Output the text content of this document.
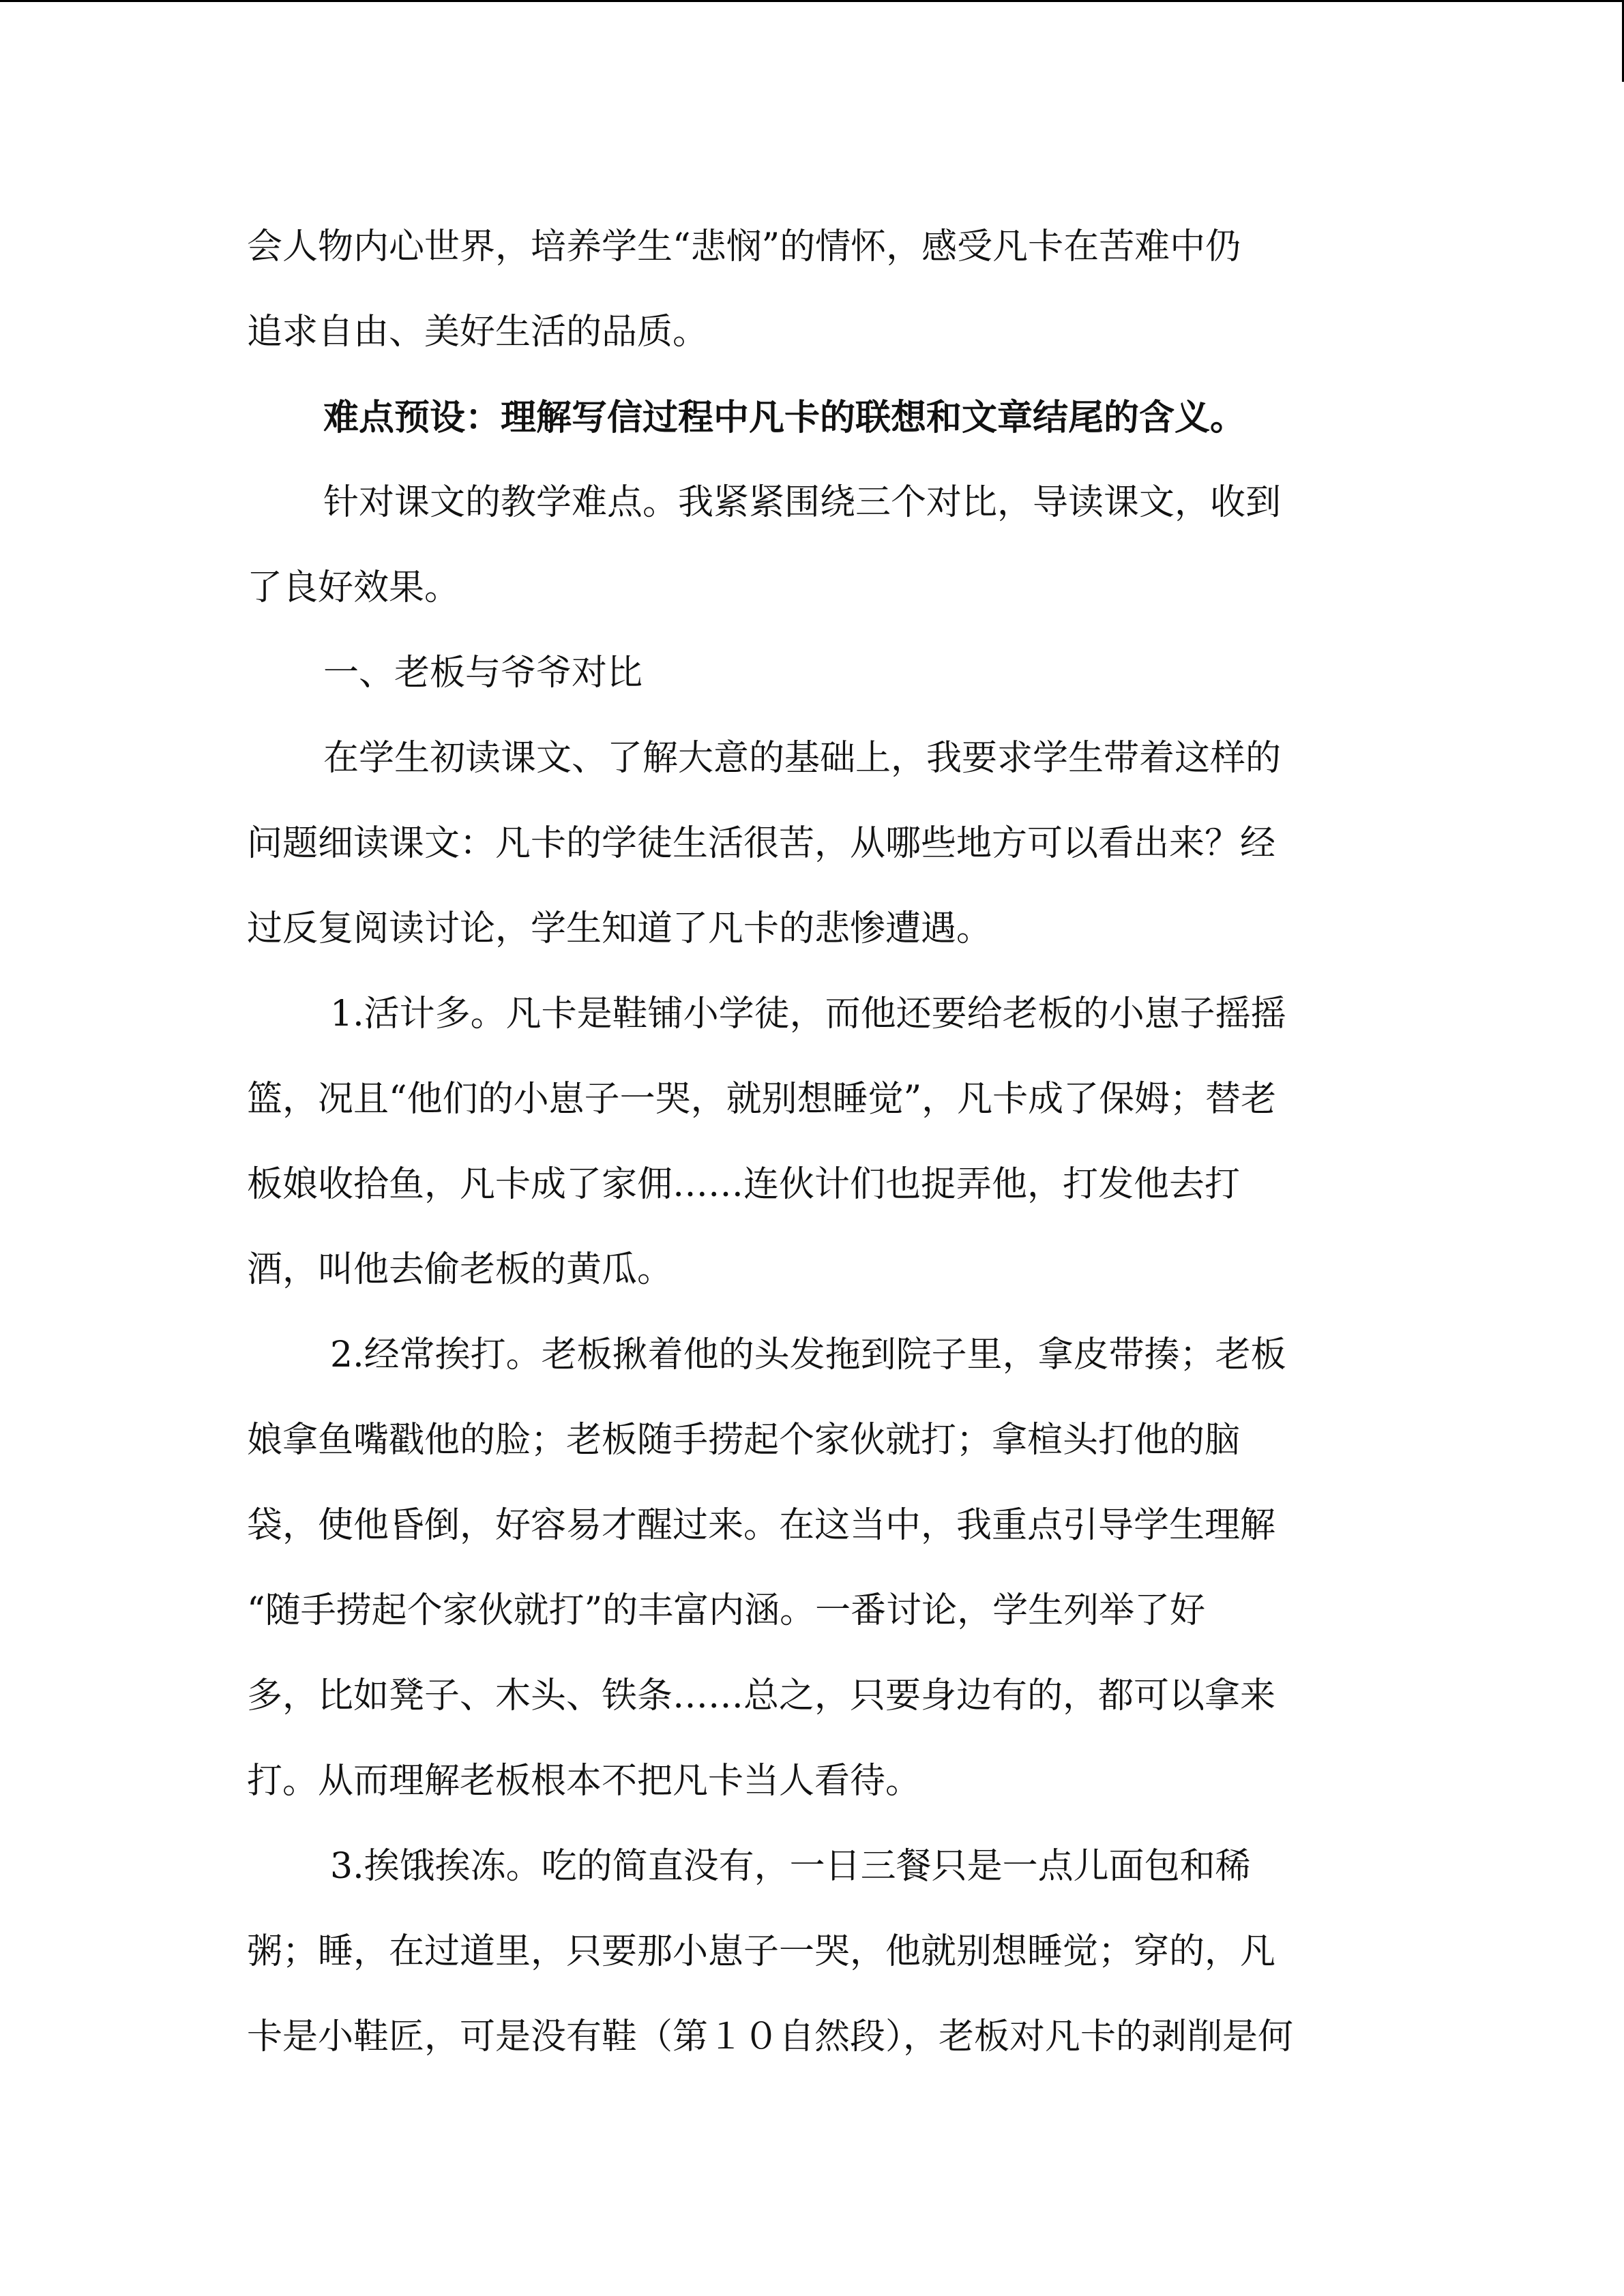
会人物内心世界，培养学生“悲悯”的情怀，感受凡卡在苦难中仍
追求自由、美好生活的品质。
难点预设：理解写信过程中凡卡的联想和文章结尾的含义。
针对课文的教学难点。我紧紧围绕三个对比，导读课文，收到
了良好效果。
一、老板与爷爷对比
在学生初读课文、了解大意的基础上，我要求学生带着这样的
问题细读课文：凡卡的学徒生活很苦，从哪些地方可以看出来？经
过反复阅读讨论，学生知道了凡卡的悲惨遭遇。
1.活计多。凡卡是鞋铺小学徒，而他还要给老板的小崽子摇摇
篮，况且“他们的小崽子一哭，就别想睡觉”，凡卡成了保姆；替老
板娘收拾鱼，凡卡成了家佣……连伙计们也捉弄他，打发他去打
酒，叫他去偷老板的黄瓜。
2.经常挨打。老板揪着他的头发拖到院子里，拿皮带揍；老板
娘拿鱼嘴戳他的脸；老板随手捞起个家伙就打；拿楦头打他的脑
袋，使他昏倒，好容易才醒过来。在这当中，我重点引导学生理解
“随手捞起个家伙就打”的丰富内涵。一番讨论，学生列举了好
多，比如凳子、木头、铁条……总之，只要身边有的，都可以拿来
打。从而理解老板根本不把凡卡当人看待。
3.挨饿挨冻。吃的简直没有，一日三餐只是一点儿面包和稀
粥；睡，在过道里，只要那小崽子一哭，他就别想睡觉；穿的，凡
卡是小鞋匠，可是没有鞋（第１０自然段），老板对凡卡的剥削是何
